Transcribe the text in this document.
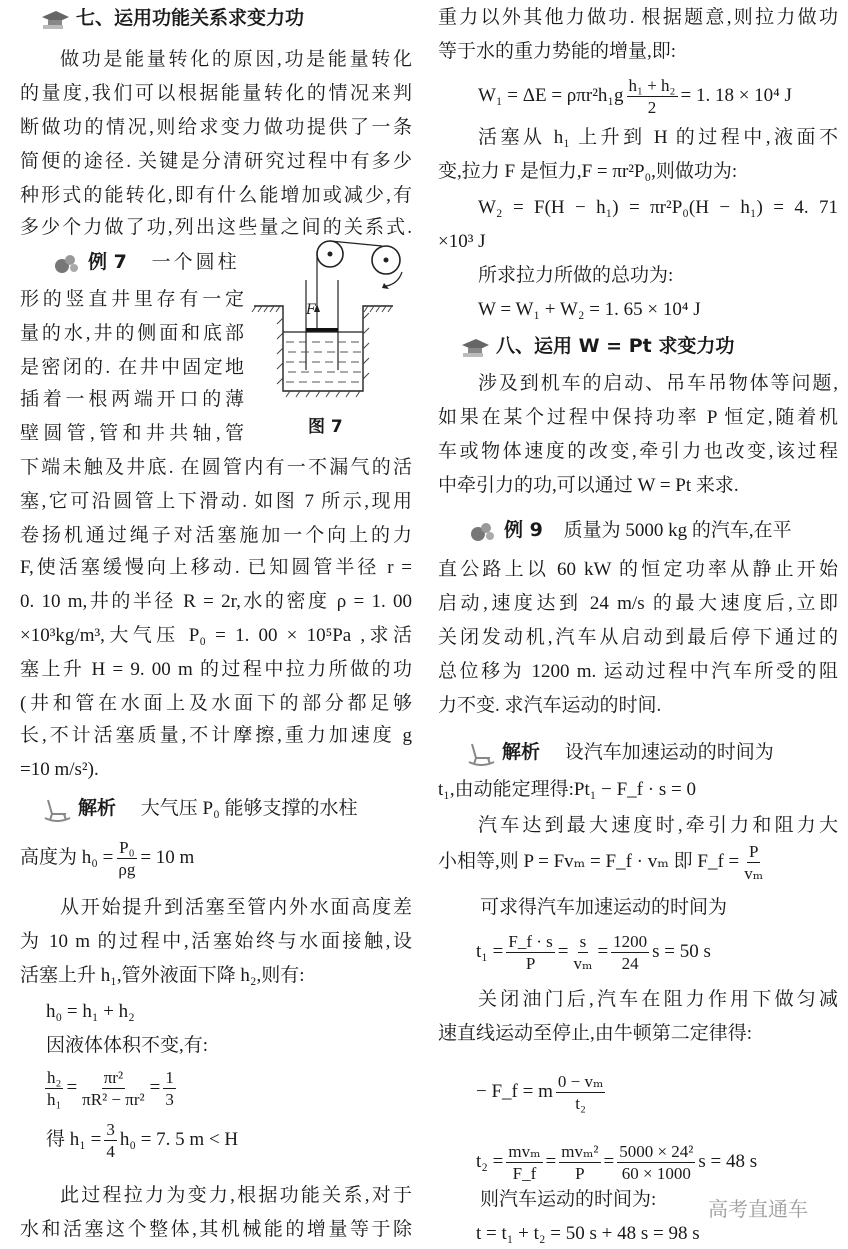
七、运用功能关系求变力功
做功是能量转化的原因,功是能量转化
的量度,我们可以根据能量转化的情况来判
断做功的情况,则给求变力做功提供了一条
简便的途径. 关键是分清研究过程中有多少
种形式的能转化,即有什么能增加或减少,有
多少个力做了功,列出这些量之间的关系式.
例 7 一个圆柱
形的竖直井里存有一定
量的水,井的侧面和底部
是密闭的. 在井中固定地
插着一根两端开口的薄
壁圆管,管和井共轴,管
下端未触及井底. 在圆管内有一不漏气的活
塞,它可沿圆管上下滑动. 如图 7 所示,现用
卷扬机通过绳子对活塞施加一个向上的力
F,使活塞缓慢向上移动. 已知圆管半径 r =
0. 10 m,井的半径 R = 2r,水的密度 ρ = 1. 00
×10³kg/m³,大气压 P₀ = 1. 00 × 10⁵Pa ,求活
塞上升 H = 9. 00 m 的过程中拉力所做的功
(井和管在水面上及水面下的部分都足够
长,不计活塞质量,不计摩擦,重力加速度 g
=10 m/s²).
F
图 7
解析 大气压 P₀ 能够支撑的水柱
高度为 $h_0 = \frac{\text{P₀}}{\rho g} = 10$ m
从开始提升到活塞至管内外水面高度差
为 10 m 的过程中,活塞始终与水面接触,设
活塞上升 h₁,管外液面下降 h₂,则有:
h₀ = h₁ + h₂
因液体体积不变,有:
$\frac{\text{h₂}}{\text{h₁}} = \frac{\text{πr²}}{\text{πR² − πr²}} = \frac{1}{3}$
得 $h_1 = \frac{3}{4} h_0 = 7$. 5 m < H
此过程拉力为变力,根据功能关系,对于
水和活塞这个整体,其机械能的增量等于除
重力以外其他力做功. 根据题意,则拉力做功
等于水的重力势能的增量,即:
$W_1 = \Delta E = \rho\pi r^2h_1g \frac{\text{h₁ + h₂}}{2} = 1$. 18 × 10⁴ J
活塞从 h₁ 上升到 H 的过程中,液面不
变,拉力 F 是恒力,F = πr²P₀,则做功为:
W₂ = F(H − h₁) = πr²P₀(H − h₁) = 4. 71
×10³ J
所求拉力所做的总功为:
W = W₁ + W₂ = 1. 65 × 10⁴ J
八、运用 W = Pt 求变力功
涉及到机车的启动、吊车吊物体等问题,
如果在某个过程中保持功率 P 恒定,随着机
车或物体速度的改变,牵引力也改变,该过程
中牵引力的功,可以通过 W = Pt 来求.
例 9 质量为 5000 kg 的汽车,在平
直公路上以 60 kW 的恒定功率从静止开始
启动,速度达到 24 m/s 的最大速度后,立即
关闭发动机,汽车从启动到最后停下通过的
总位移为 1200 m. 运动过程中汽车所受的阻
力不变. 求汽车运动的时间.
解析 设汽车加速运动的时间为
t₁,由动能定理得:Pt₁ − F_f · s = 0
汽车达到最大速度时,牵引力和阻力大
小相等,则 P = Fvₘ = F_f · vₘ 即 F_f = $\frac{P}{\text{vₘ}}$
可求得汽车加速运动的时间为
$t_1 = \frac{F\_f \cdot s}{P} = \frac{s}{\text{vₘ}} = \frac{1200}{24}$ s = 50 s
关闭油门后,汽车在阻力作用下做匀减
速直线运动至停止,由牛顿第二定律得:
− F_f = m $\frac{\text{0 − vₘ}}{\text{t₂}}$
$t_2 = \frac{\text{mvₘ}}{F\_f} = \frac{\text{mvₘ²}}{P} = \frac{\text{5000 × 24²}}{60 \times 1000}$ s = 48 s
则汽车运动的时间为:
t = t₁ + t₂ = 50 s + 48 s = 98 s
高考直通车
